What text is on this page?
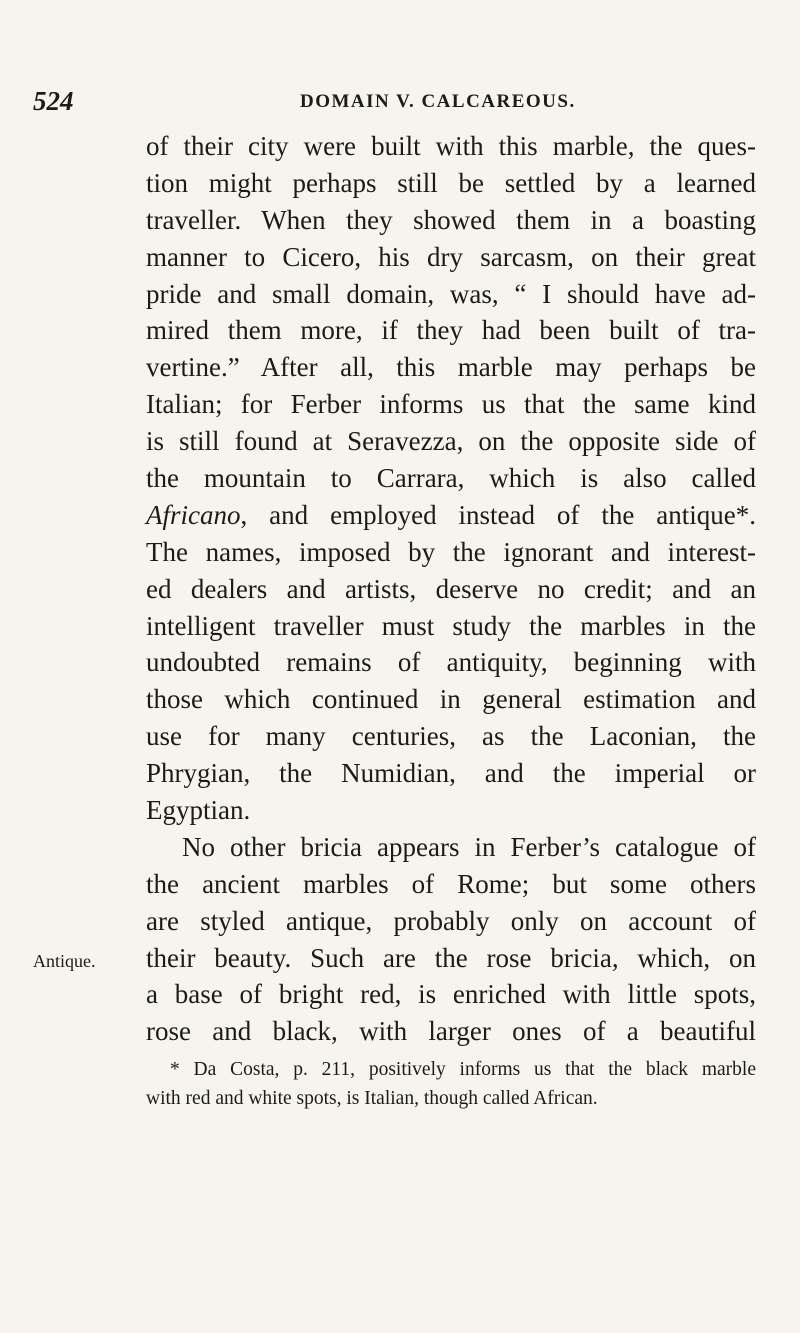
524	DOMAIN V. CALCAREOUS.
of their city were built with this marble, the ques-
tion might perhaps still be settled by a learned
traveller. When they showed them in a boasting
manner to Cicero, his dry sarcasm, on their great
pride and small domain, was, “ I should have ad-
mired them more, if they had been built of tra-
vertine.” After all, this marble may perhaps be
Italian; for Ferber informs us that the same kind
is still found at Seravezza, on the opposite side of
the mountain to Carrara, which is also called
Africano, and employed instead of the antique*.
The names, imposed by the ignorant and interest-
ed dealers and artists, deserve no credit; and an
intelligent traveller must study the marbles in the
undoubted remains of antiquity, beginning with
those which continued in general estimation and
use for many centuries, as the Laconian, the
Phrygian, the Numidian, and the imperial or
Egyptian.
No other bricia appears in Ferber’s catalogue of
the ancient marbles of Rome; but some others
are styled antique, probably only on account of
their beauty. Such are the rose bricia, which, on
a base of bright red, is enriched with little spots,
rose and black, with larger ones of a beautiful
Antique.
* Da Costa, p. 211, positively informs us that the black marble
with red and white spots, is Italian, though called African.
